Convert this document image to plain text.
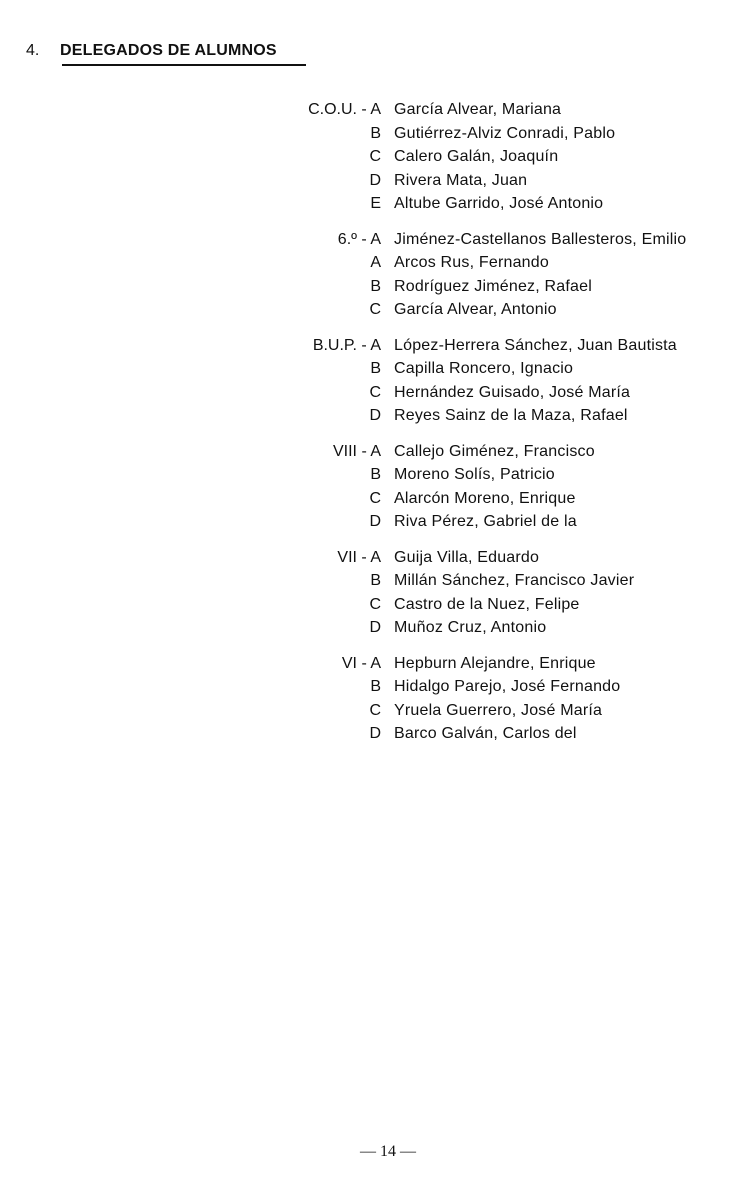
4. DELEGADOS DE ALUMNOS
C.O.U. - A García Alvear, Mariana
B Gutiérrez-Alviz Conradi, Pablo
C Calero Galán, Joaquín
D Rivera Mata, Juan
E Altube Garrido, José Antonio
6.º - A Jiménez-Castellanos Ballesteros, Emilio
A Arcos Rus, Fernando
B Rodríguez Jiménez, Rafael
C García Alvear, Antonio
B.U.P. - A López-Herrera Sánchez, Juan Bautista
B Capilla Roncero, Ignacio
C Hernández Guisado, José María
D Reyes Sainz de la Maza, Rafael
VIII - A Callejo Giménez, Francisco
B Moreno Solís, Patricio
C Alarcón Moreno, Enrique
D Riva Pérez, Gabriel de la
VII - A Guija Villa, Eduardo
B Millán Sánchez, Francisco Javier
C Castro de la Nuez, Felipe
D Muñoz Cruz, Antonio
VI - A Hepburn Alejandre, Enrique
B Hidalgo Parejo, José Fernando
C Yruela Guerrero, José María
D Barco Galván, Carlos del
— 14 —
